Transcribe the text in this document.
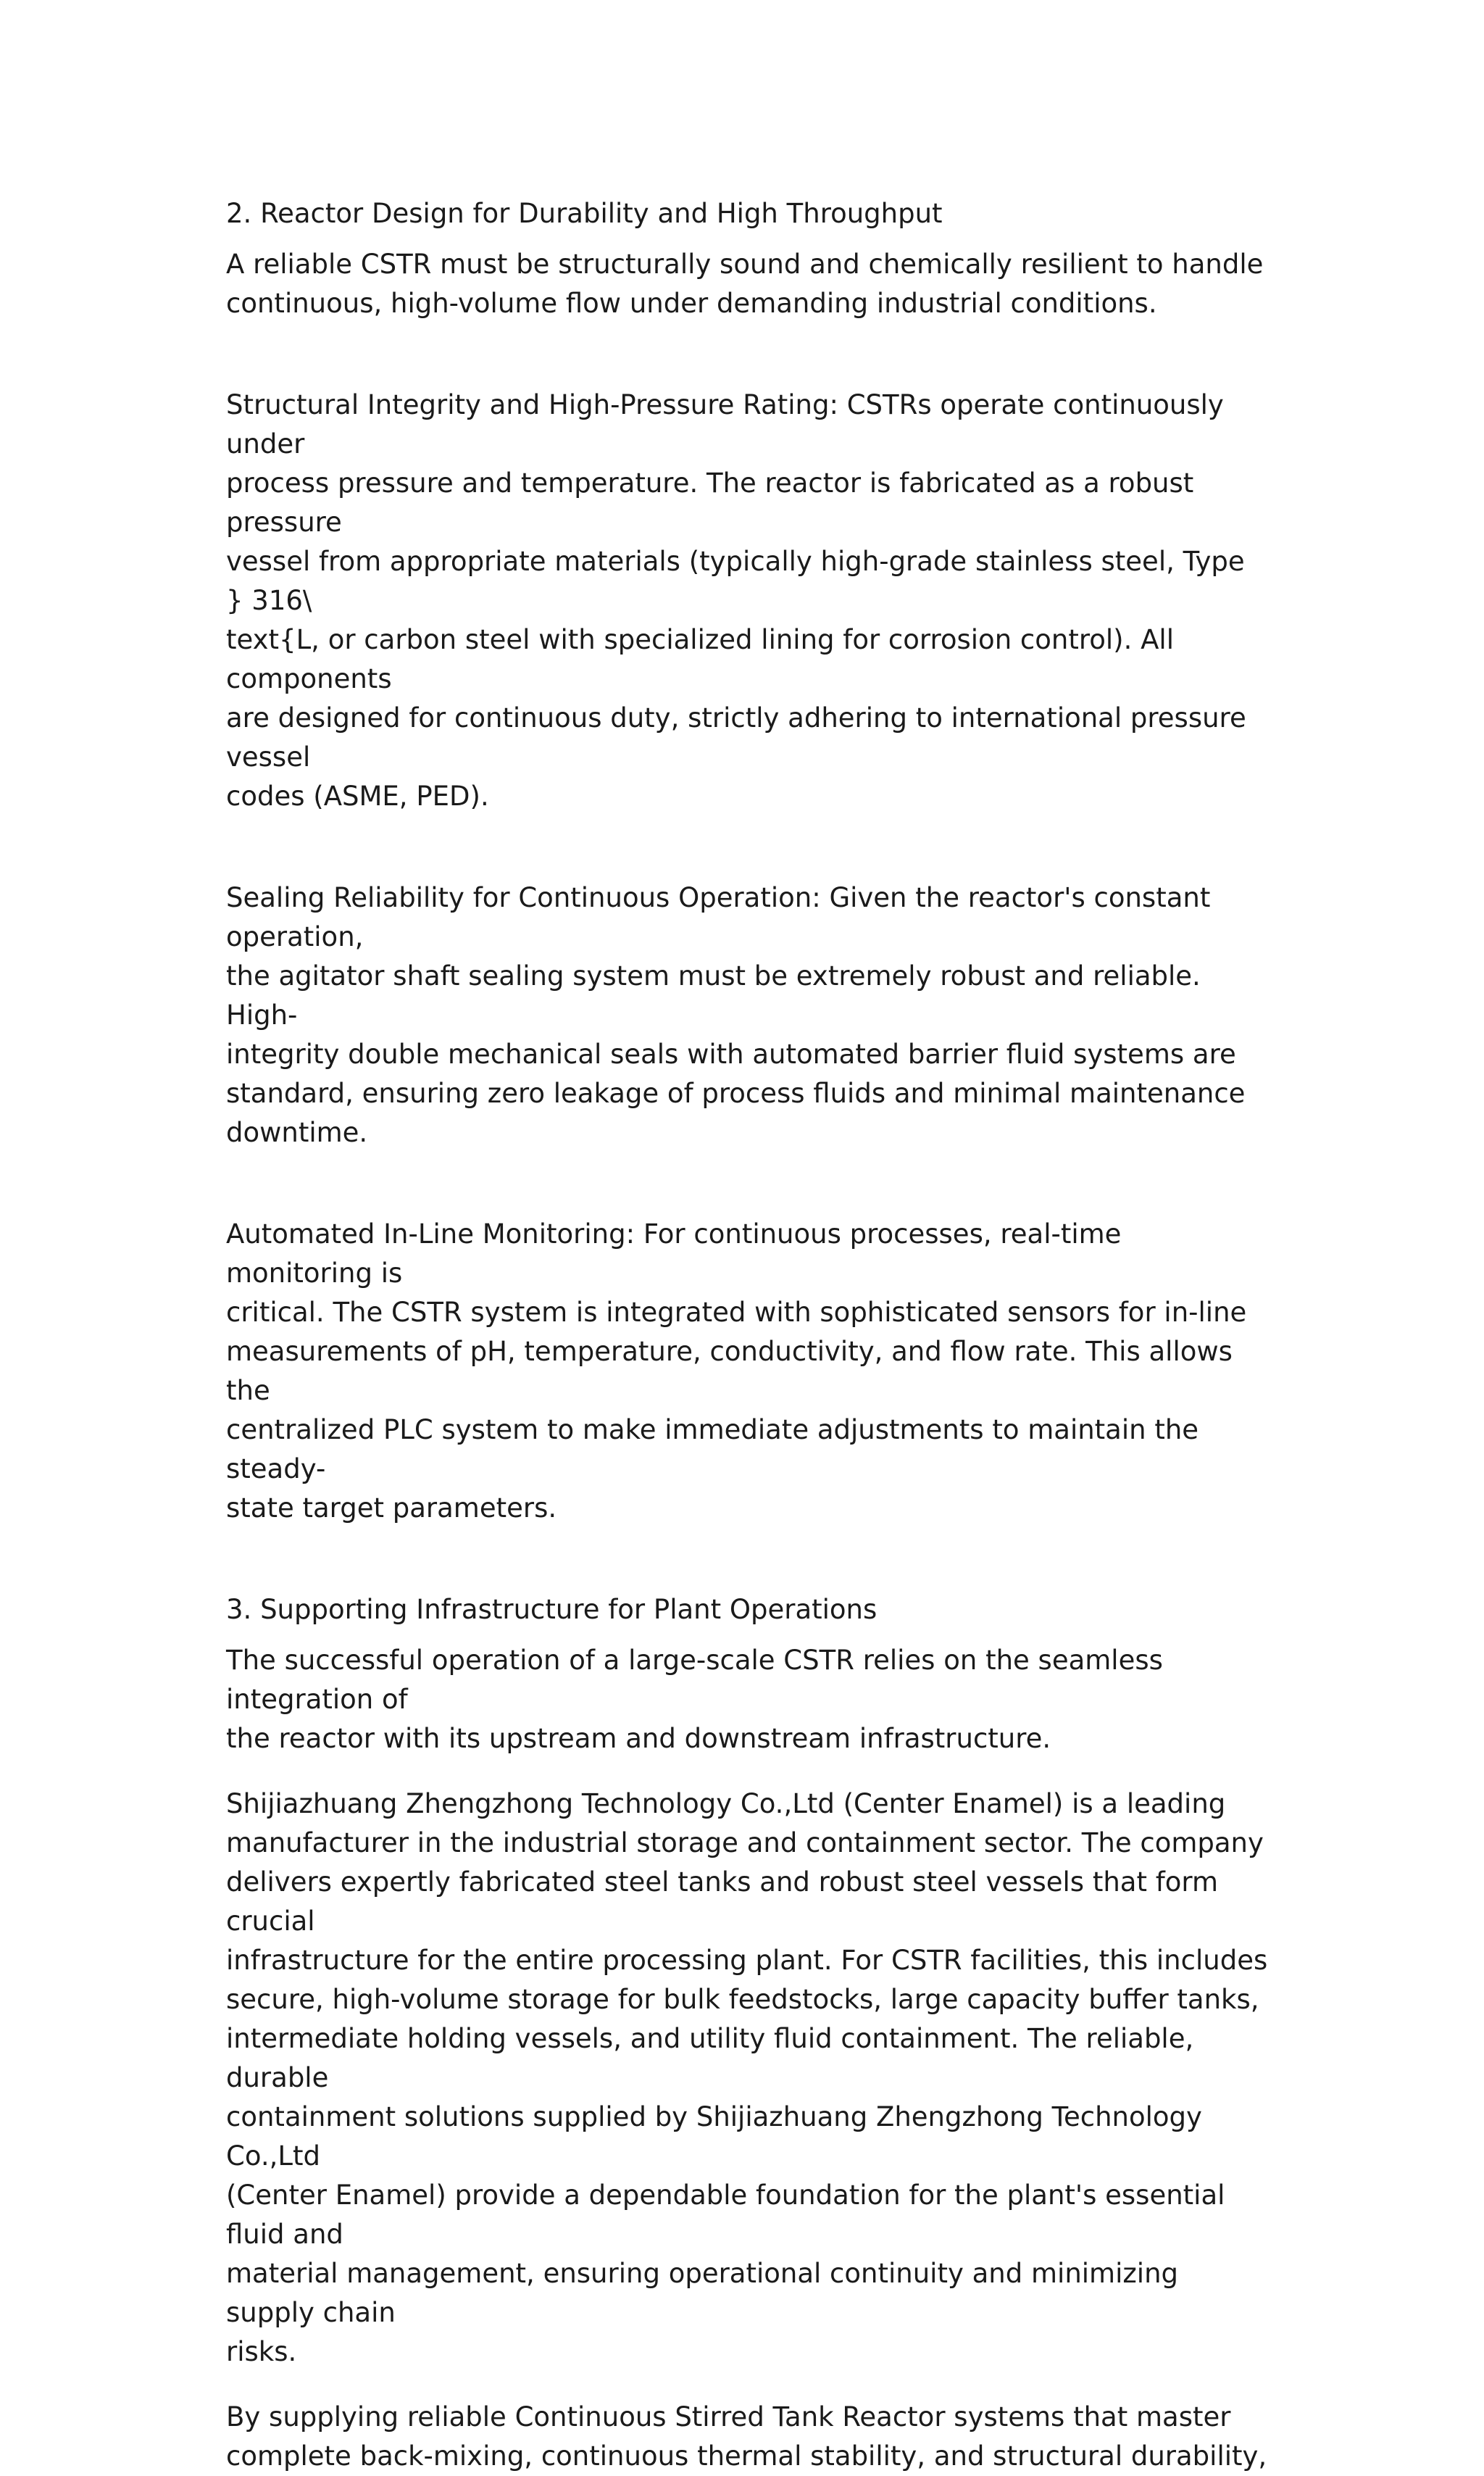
2. Reactor Design for Durability and High Throughput

A reliable CSTR must be structurally sound and chemically resilient to handle
continuous, high-volume flow under demanding industrial conditions.

Structural Integrity and High-Pressure Rating: CSTRs operate continuously under
process pressure and temperature. The reactor is fabricated as a robust pressure
vessel from appropriate materials (typically high-grade stainless steel, Type } 316\
text{L, or carbon steel with specialized lining for corrosion control). All components
are designed for continuous duty, strictly adhering to international pressure vessel
codes (ASME, PED).

Sealing Reliability for Continuous Operation: Given the reactor's constant operation,
the agitator shaft sealing system must be extremely robust and reliable. High-
integrity double mechanical seals with automated barrier fluid systems are
standard, ensuring zero leakage of process fluids and minimal maintenance
downtime.

Automated In-Line Monitoring: For continuous processes, real-time monitoring is
critical. The CSTR system is integrated with sophisticated sensors for in-line
measurements of pH, temperature, conductivity, and flow rate. This allows the
centralized PLC system to make immediate adjustments to maintain the steady-
state target parameters.

3. Supporting Infrastructure for Plant Operations

The successful operation of a large-scale CSTR relies on the seamless integration of
the reactor with its upstream and downstream infrastructure.

Shijiazhuang Zhengzhong Technology Co.,Ltd (Center Enamel) is a leading
manufacturer in the industrial storage and containment sector. The company
delivers expertly fabricated steel tanks and robust steel vessels that form crucial
infrastructure for the entire processing plant. For CSTR facilities, this includes
secure, high-volume storage for bulk feedstocks, large capacity buffer tanks,
intermediate holding vessels, and utility fluid containment. The reliable, durable
containment solutions supplied by Shijiazhuang Zhengzhong Technology Co.,Ltd
(Center Enamel) provide a dependable foundation for the plant's essential fluid and
material management, ensuring operational continuity and minimizing supply chain
risks.

By supplying reliable Continuous Stirred Tank Reactor systems that master
complete back-mixing, continuous thermal stability, and structural durability,
